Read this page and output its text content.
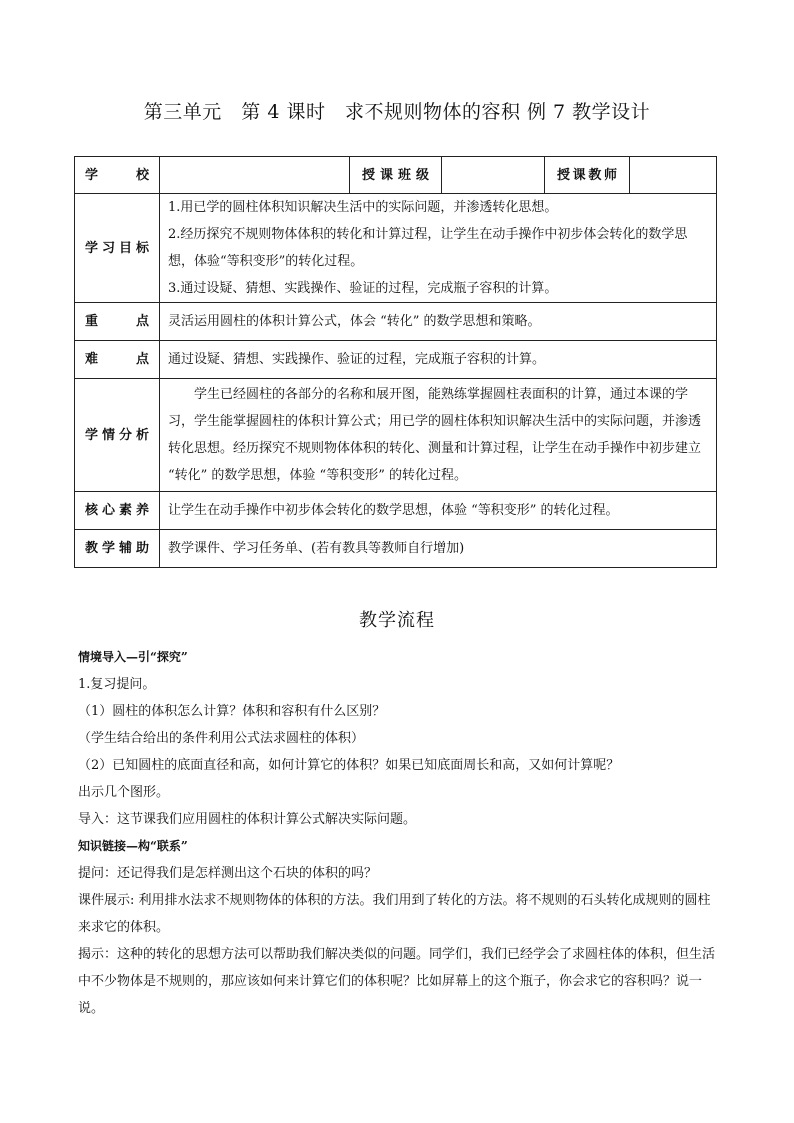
第三单元　第 4 课时　求不规则物体的容积 例 7 教学设计
学　　校		授课班级		授课教师	
学习目标	1.用已学的圆柱体积知识解决生活中的实际问题，并渗透转化思想。
2.经历探究不规则物体体积的转化和计算过程，让学生在动手操作中初步体会转化的数学思想，体验“等积变形”的转化过程。
3.通过设疑、猜想、实践操作、验证的过程，完成瓶子容积的计算。				

重　　点	灵活运用圆柱的体积计算公式，体会 “转化” 的数学思想和策略。				
难　　点	通过设疑、猜想、实践操作、验证的过程，完成瓶子容积的计算。				
学情分析	学生已经圆柱的各部分的名称和展开图，能熟练掌握圆柱表面积的计算，通过本课的学习，学生能掌握圆柱的体积计算公式；用已学的圆柱体积知识解决生活中的实际问题，并渗透转化思想。经历探究不规则物体体积的转化、测量和计算过程，让学生在动手操作中初步建立 “转化” 的数学思想，体验 “等积变形” 的转化过程。				
核心素养	让学生在动手操作中初步体会转化的数学思想，体验 “等积变形” 的转化过程。				
教学辅助	教学课件、学习任务单、(若有教具等教师自行增加)				
教学流程

情境导入—引“探究”

1.复习提问。

（1）圆柱的体积怎么计算？体积和容积有什么区别？

（学生结合给出的条件利用公式法求圆柱的体积）

（2）已知圆柱的底面直径和高，如何计算它的体积？如果已知底面周长和高，又如何计算呢？

出示几个图形。

导入：这节课我们应用圆柱的体积计算公式解决实际问题。

知识链接—构“联系”

提问：还记得我们是怎样测出这个石块的体积的吗？

课件展示: 利用排水法求不规则物体的体积的方法。我们用到了转化的方法。将不规则的石头转化成规则的圆柱来求它的体积。

揭示：这种的转化的思想方法可以帮助我们解决类似的问题。同学们，我们已经学会了求圆柱体的体积，但生活中不少物体是不规则的，那应该如何来计算它们的体积呢？比如屏幕上的这个瓶子，你会求它的容积吗？说一说。
